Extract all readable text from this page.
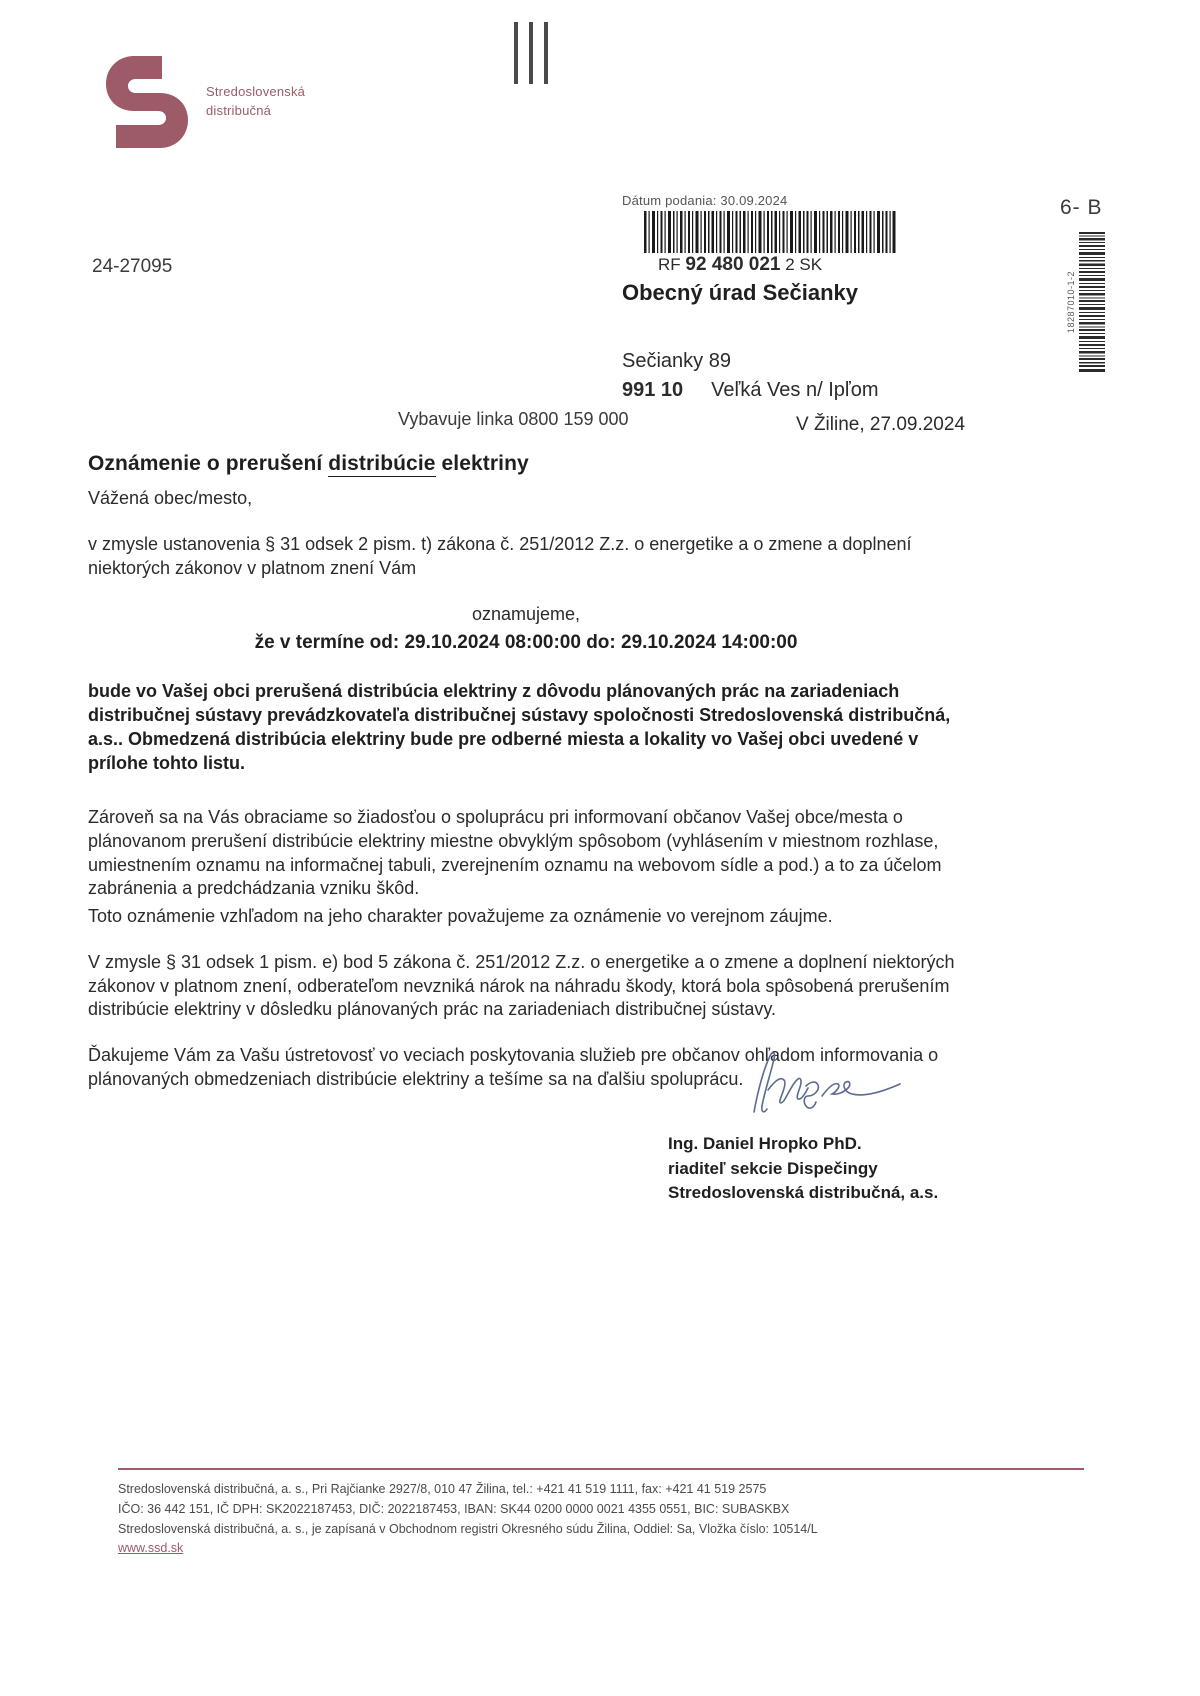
Stredoslovenská
distribučná
6- B
18287010-1-2
24-27095
Dátum podania: 30.09.2024
RF 92 480 021 2 SK
Obecný úrad Sečianky
Sečianky 89
991 10 Veľká Ves n/ Ipľom
Vybavuje linka 0800 159 000	V Žiline, 27.09.2024
Oznámenie o prerušení distribúcie elektriny

Vážená obec/mesto,

v zmysle ustanovenia § 31 odsek 2 pism. t) zákona č. 251/2012 Z.z. o energetike a o zmene a doplnení niektorých zákonov v platnom znení Vám

oznamujeme,

že v termíne od: 29.10.2024 08:00:00 do: 29.10.2024 14:00:00

bude vo Vašej obci prerušená distribúcia elektriny z dôvodu plánovaných prác na zariadeniach distribučnej sústavy prevádzkovateľa distribučnej sústavy spoločnosti Stredoslovenská distribučná, a.s.. Obmedzená distribúcia elektriny bude pre odberné miesta a lokality vo Vašej obci uvedené v prílohe tohto listu.

Zároveň sa na Vás obraciame so žiadosťou o spoluprácu pri informovaní občanov Vašej obce/mesta o plánovanom prerušení distribúcie elektriny miestne obvyklým spôsobom (vyhlásením v miestnom rozhlase, umiestnením oznamu na informačnej tabuli, zverejnením oznamu na webovom sídle a pod.) a to za účelom zabránenia a predchádzania vzniku škôd.

Toto oznámenie vzhľadom na jeho charakter považujeme za oznámenie vo verejnom záujme.

V zmysle § 31 odsek 1 pism. e) bod 5 zákona č. 251/2012 Z.z. o energetike a o zmene a doplnení niektorých zákonov v platnom znení, odberateľom nevzniká nárok na náhradu škody, ktorá bola spôsobená prerušením distribúcie elektriny v dôsledku plánovaných prác na zariadeniach distribučnej sústavy.

Ďakujeme Vám za Vašu ústretovosť vo veciach poskytovania služieb pre občanov ohľadom informovania o plánovaných obmedzeniach distribúcie elektriny a tešíme sa na ďalšiu spoluprácu.

Ing. Daniel Hropko PhD.
riaditeľ sekcie Dispečingy
Stredoslovenská distribučná, a.s.
Stredoslovenská distribučná, a. s., Pri Rajčianke 2927/8, 010 47 Žilina, tel.: +421 41 519 1111, fax: +421 41 519 2575
IČO: 36 442 151, IČ DPH: SK2022187453, DIČ: 2022187453, IBAN: SK44 0200 0000 0021 4355 0551, BIC: SUBASKBX
Stredoslovenská distribučná, a. s., je zapísaná v Obchodnom registri Okresného súdu Žilina, Oddiel: Sa, Vložka číslo: 10514/L
www.ssd.sk
